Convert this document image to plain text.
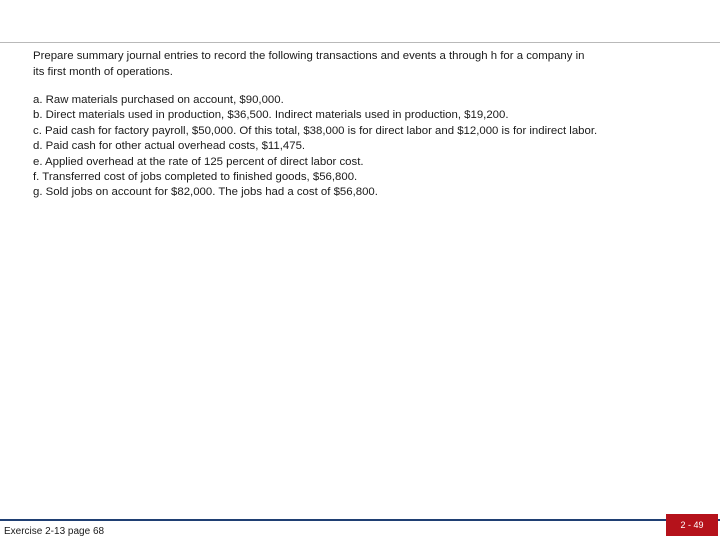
Prepare summary journal entries to record the following transactions and events a through h for a company in its first month of operations.

a. Raw materials purchased on account, $90,000.
b. Direct materials used in production, $36,500. Indirect materials used in production, $19,200.
c. Paid cash for factory payroll, $50,000. Of this total, $38,000 is for direct labor and $12,000 is for indirect labor.
d. Paid cash for other actual overhead costs, $11,475.
e. Applied overhead at the rate of 125 percent of direct labor cost.
f. Transferred cost of jobs completed to finished goods, $56,800.
g. Sold jobs on account for $82,000. The jobs had a cost of $56,800.
Exercise 2-13 page 68
2 - 49
